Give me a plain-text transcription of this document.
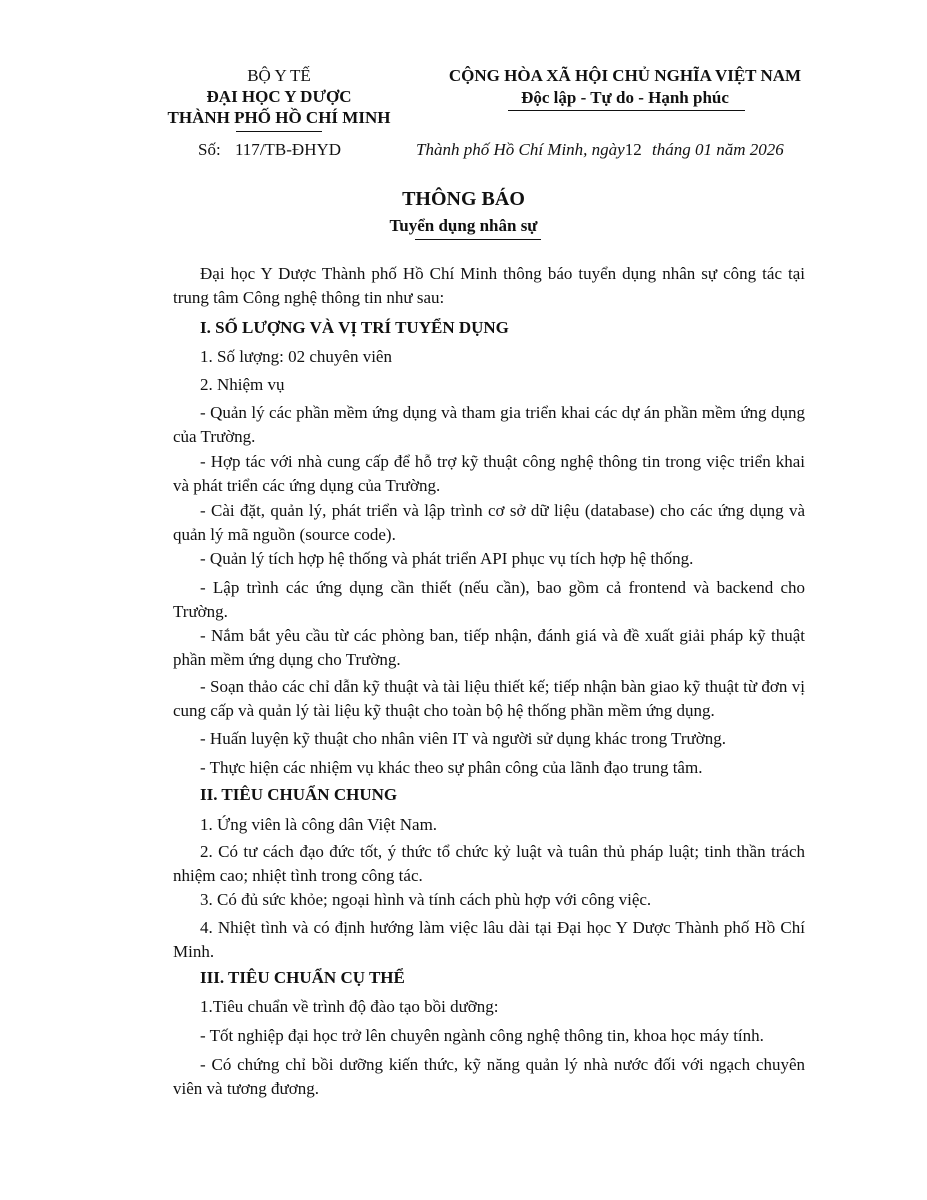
BỘ Y TẾ
ĐẠI HỌC Y DƯỢC
THÀNH PHỐ HỒ CHÍ MINH
CỘNG HÒA XÃ HỘI CHỦ NGHĨA VIỆT NAM
Độc lập - Tự do - Hạnh phúc
Số: 117/TB-ĐHYD	Thành phố Hồ Chí Minh, ngày12 tháng 01 năm 2026
THÔNG BÁO
Tuyển dụng nhân sự

Đại học Y Dược Thành phố Hồ Chí Minh thông báo tuyển dụng nhân sự công tác tại trung tâm Công nghệ thông tin như sau:

I. SỐ LƯỢNG VÀ VỊ TRÍ TUYỂN DỤNG

1. Số lượng: 02 chuyên viên

2. Nhiệm vụ

- Quản lý các phần mềm ứng dụng và tham gia triển khai các dự án phần mềm ứng dụng của Trường.

- Hợp tác với nhà cung cấp để hỗ trợ kỹ thuật công nghệ thông tin trong việc triển khai và phát triển các ứng dụng của Trường.

- Cài đặt, quản lý, phát triển và lập trình cơ sở dữ liệu (database) cho các ứng dụng và quản lý mã nguồn (source code).

- Quản lý tích hợp hệ thống và phát triển API phục vụ tích hợp hệ thống.

- Lập trình các ứng dụng cần thiết (nếu cần), bao gồm cả frontend và backend cho Trường.

- Nắm bắt yêu cầu từ các phòng ban, tiếp nhận, đánh giá và đề xuất giải pháp kỹ thuật phần mềm ứng dụng cho Trường.

- Soạn thảo các chỉ dẫn kỹ thuật và tài liệu thiết kế; tiếp nhận bàn giao kỹ thuật từ đơn vị cung cấp và quản lý tài liệu kỹ thuật cho toàn bộ hệ thống phần mềm ứng dụng.

- Huấn luyện kỹ thuật cho nhân viên IT và người sử dụng khác trong Trường.

- Thực hiện các nhiệm vụ khác theo sự phân công của lãnh đạo trung tâm.

II. TIÊU CHUẨN CHUNG

1. Ứng viên là công dân Việt Nam.

2. Có tư cách đạo đức tốt, ý thức tổ chức kỷ luật và tuân thủ pháp luật; tinh thần trách nhiệm cao; nhiệt tình trong công tác.

3. Có đủ sức khỏe; ngoại hình và tính cách phù hợp với công việc.

4. Nhiệt tình và có định hướng làm việc lâu dài tại Đại học Y Dược Thành phố Hồ Chí Minh.

III. TIÊU CHUẨN CỤ THỂ

1.Tiêu chuẩn về trình độ đào tạo bồi dưỡng:

- Tốt nghiệp đại học trở lên chuyên ngành công nghệ thông tin, khoa học máy tính.

- Có chứng chỉ bồi dưỡng kiến thức, kỹ năng quản lý nhà nước đối với ngạch chuyên viên và tương đương.
